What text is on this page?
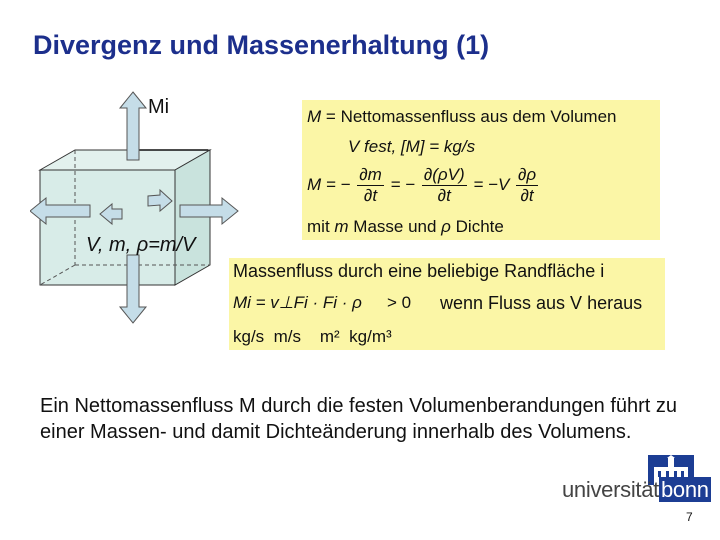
Divergenz und Massenerhaltung (1)
Mi
V, m, ρ=m/V
M = Nettomassenfluss aus dem Volumen
V fest, [M] = kg/s
M = − $\frac{\partial m}{\partial t}$ = − $\frac{\partial(\rho V)}{\partial t} = -V \frac{\partial\rho}{\partial t}$
mit m Masse und ρ Dichte
Massenfluss durch eine beliebige Randfläche i
Mi = v⊥Fi · Fi · ρ > 0 wenn Fluss aus V heraus
kg/s  m/s    m²  kg/m³
Ein Nettomassenfluss M durch die festen Volumenberandungen führt zu einer Massen- und damit Dichteänderung innerhalb des Volumens.
universitätbonn
7
